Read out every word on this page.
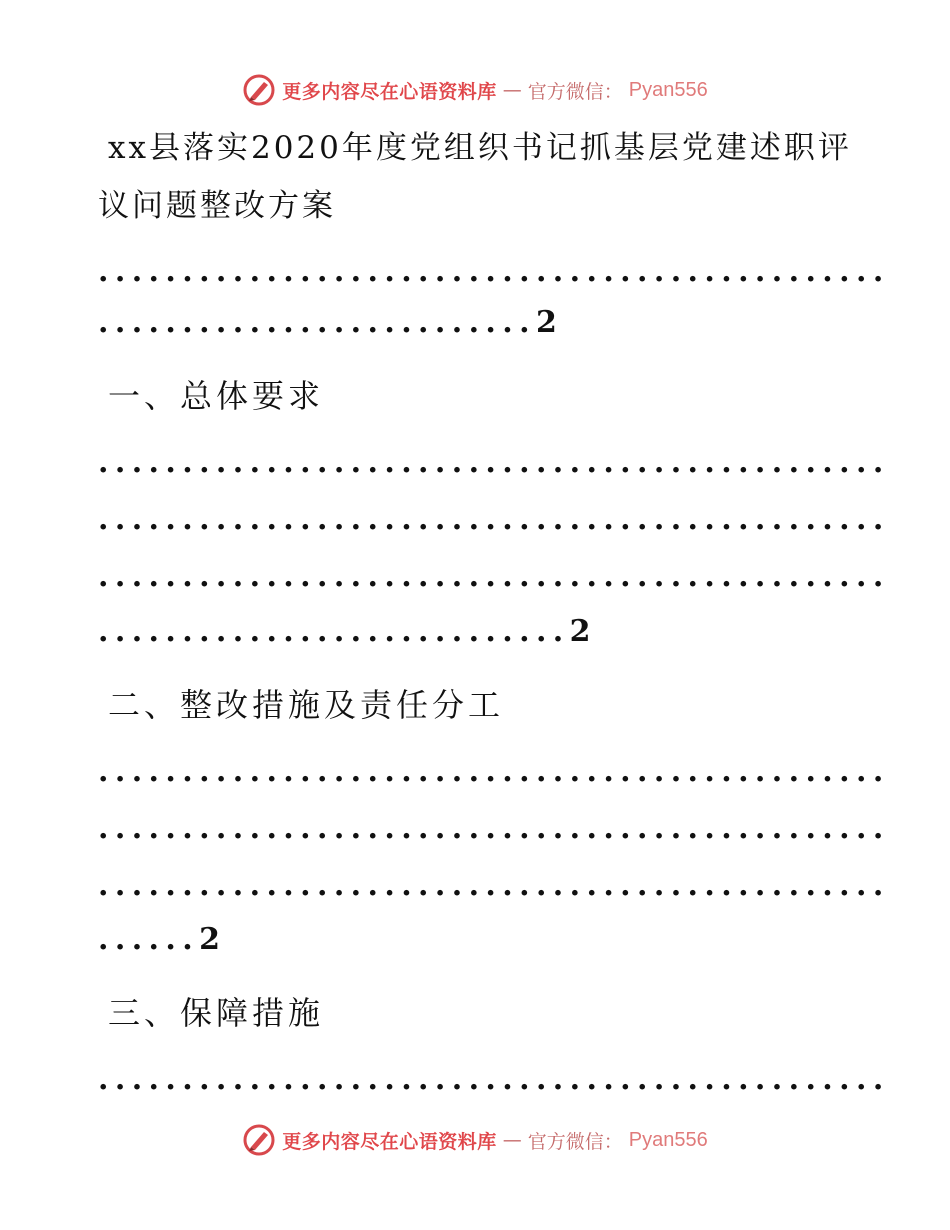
更多内容尽在心语资料库 — 官方微信： Pyan556
xx县落实2020年度党组织书记抓基层党建述职评
议问题整改方案
...............................................
..........................2
一、总体要求
...............................................
...............................................
...............................................
............................2
二、整改措施及责任分工
...............................................
...............................................
...............................................
......2
三、保障措施
...............................................
更多内容尽在心语资料库 — 官方微信： Pyan556
